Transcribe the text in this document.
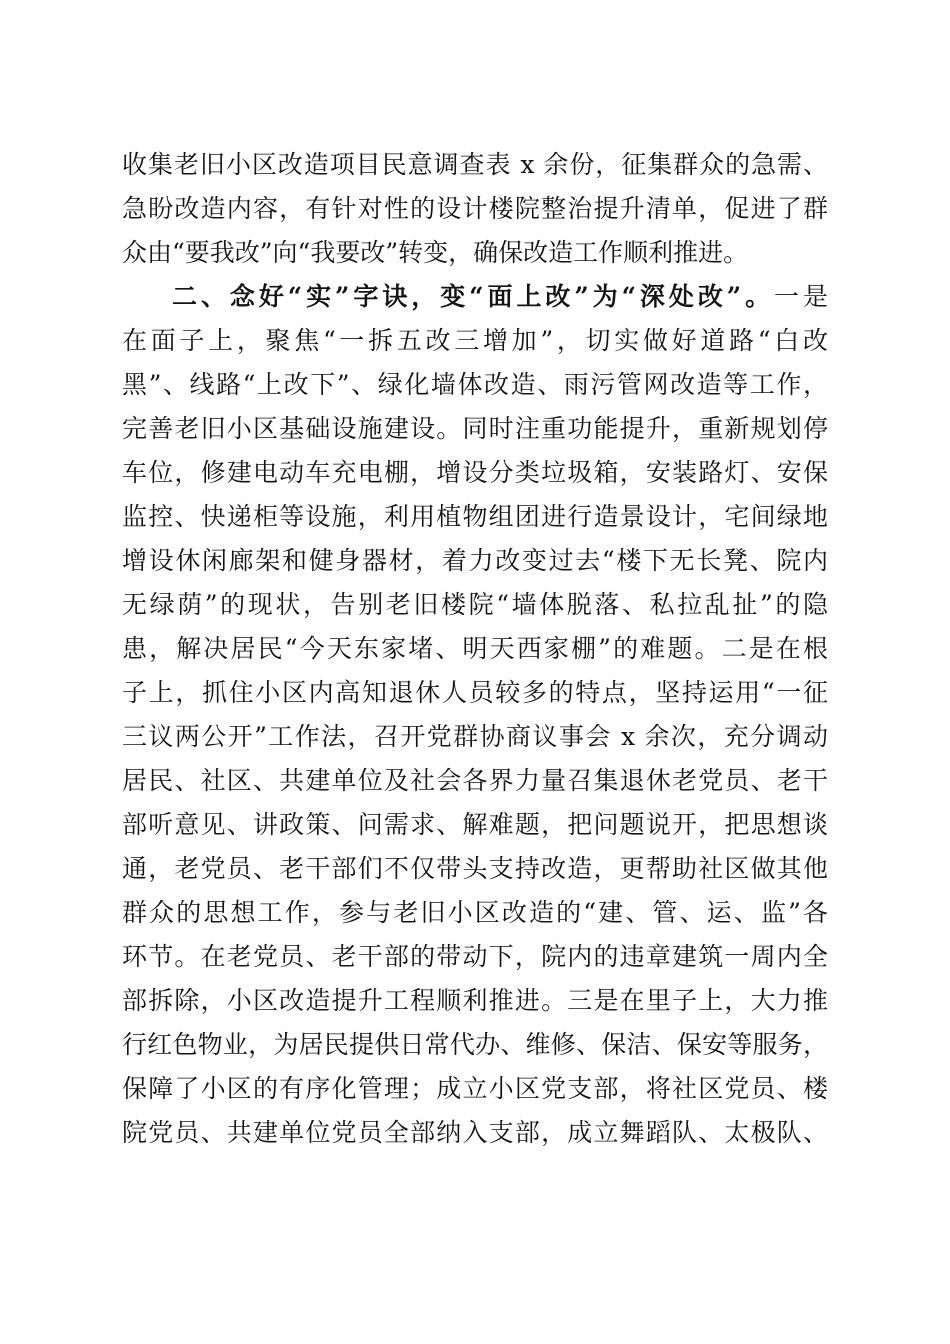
收集老旧小区改造项目民意调查表 x 余份，征集群众的急需、

急盼改造内容，有针对性的设计楼院整治提升清单，促进了群

众由“要我改”向“我要改”转变，确保改造工作顺利推进。

二、念好“实”字诀，变“面上改”为“深处改”。一是

在面子上，聚焦“一拆五改三增加”，切实做好道路“白改

黑”、线路“上改下”、绿化墙体改造、雨污管网改造等工作，

完善老旧小区基础设施建设。同时注重功能提升，重新规划停

车位，修建电动车充电棚，增设分类垃圾箱，安装路灯、安保

监控、快递柜等设施，利用植物组团进行造景设计，宅间绿地

增设休闲廊架和健身器材，着力改变过去“楼下无长凳、院内

无绿荫”的现状，告别老旧楼院“墙体脱落、私拉乱扯”的隐

患，解决居民“今天东家堵、明天西家棚”的难题。二是在根

子上，抓住小区内高知退休人员较多的特点，坚持运用“一征

三议两公开”工作法，召开党群协商议事会 x 余次，充分调动

居民、社区、共建单位及社会各界力量召集退休老党员、老干

部听意见、讲政策、问需求、解难题，把问题说开，把思想谈

通，老党员、老干部们不仅带头支持改造，更帮助社区做其他

群众的思想工作，参与老旧小区改造的“建、管、运、监”各

环节。在老党员、老干部的带动下，院内的违章建筑一周内全

部拆除，小区改造提升工程顺利推进。三是在里子上，大力推

行红色物业，为居民提供日常代办、维修、保洁、保安等服务，

保障了小区的有序化管理；成立小区党支部，将社区党员、楼

院党员、共建单位党员全部纳入支部，成立舞蹈队、太极队、
